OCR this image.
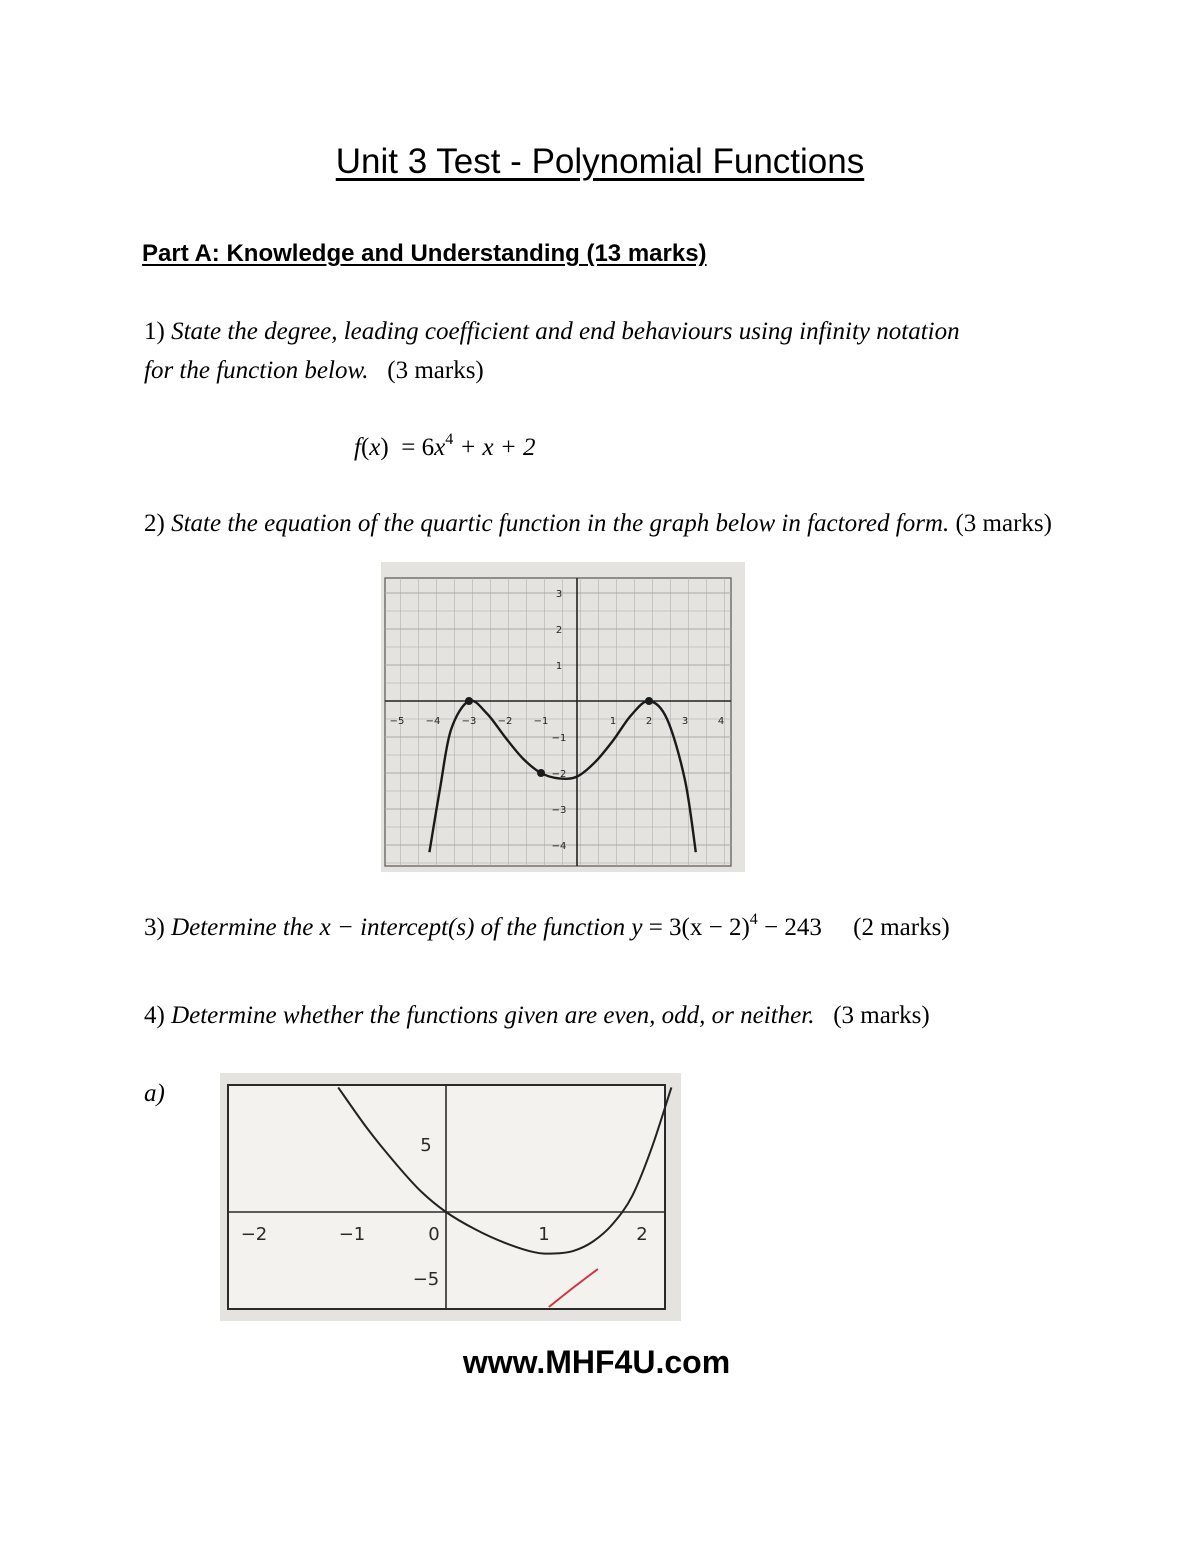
Unit 3 Test - Polynomial Functions
Part A: Knowledge and Understanding (13 marks)
1) State the degree, leading coefficient and end behaviours using infinity notation
for the function below. (3 marks)
$f(x) = 6x^4 + x + 2$
2) State the equation of the quartic function in the graph below in factored form. (3 marks)
−5 −4 −3 −2 −1	1	2	3	4
3
2
1
−1
−2
−3
−4
3) Determine the x − intercept(s) of the function $y = 3(x - 2)^4 - 243$ (2 marks)
4) Determine whether the functions given are even, odd, or neither. (3 marks)
a)
−2	−1	0	1	2
5
−5
www.MHF4U.com
